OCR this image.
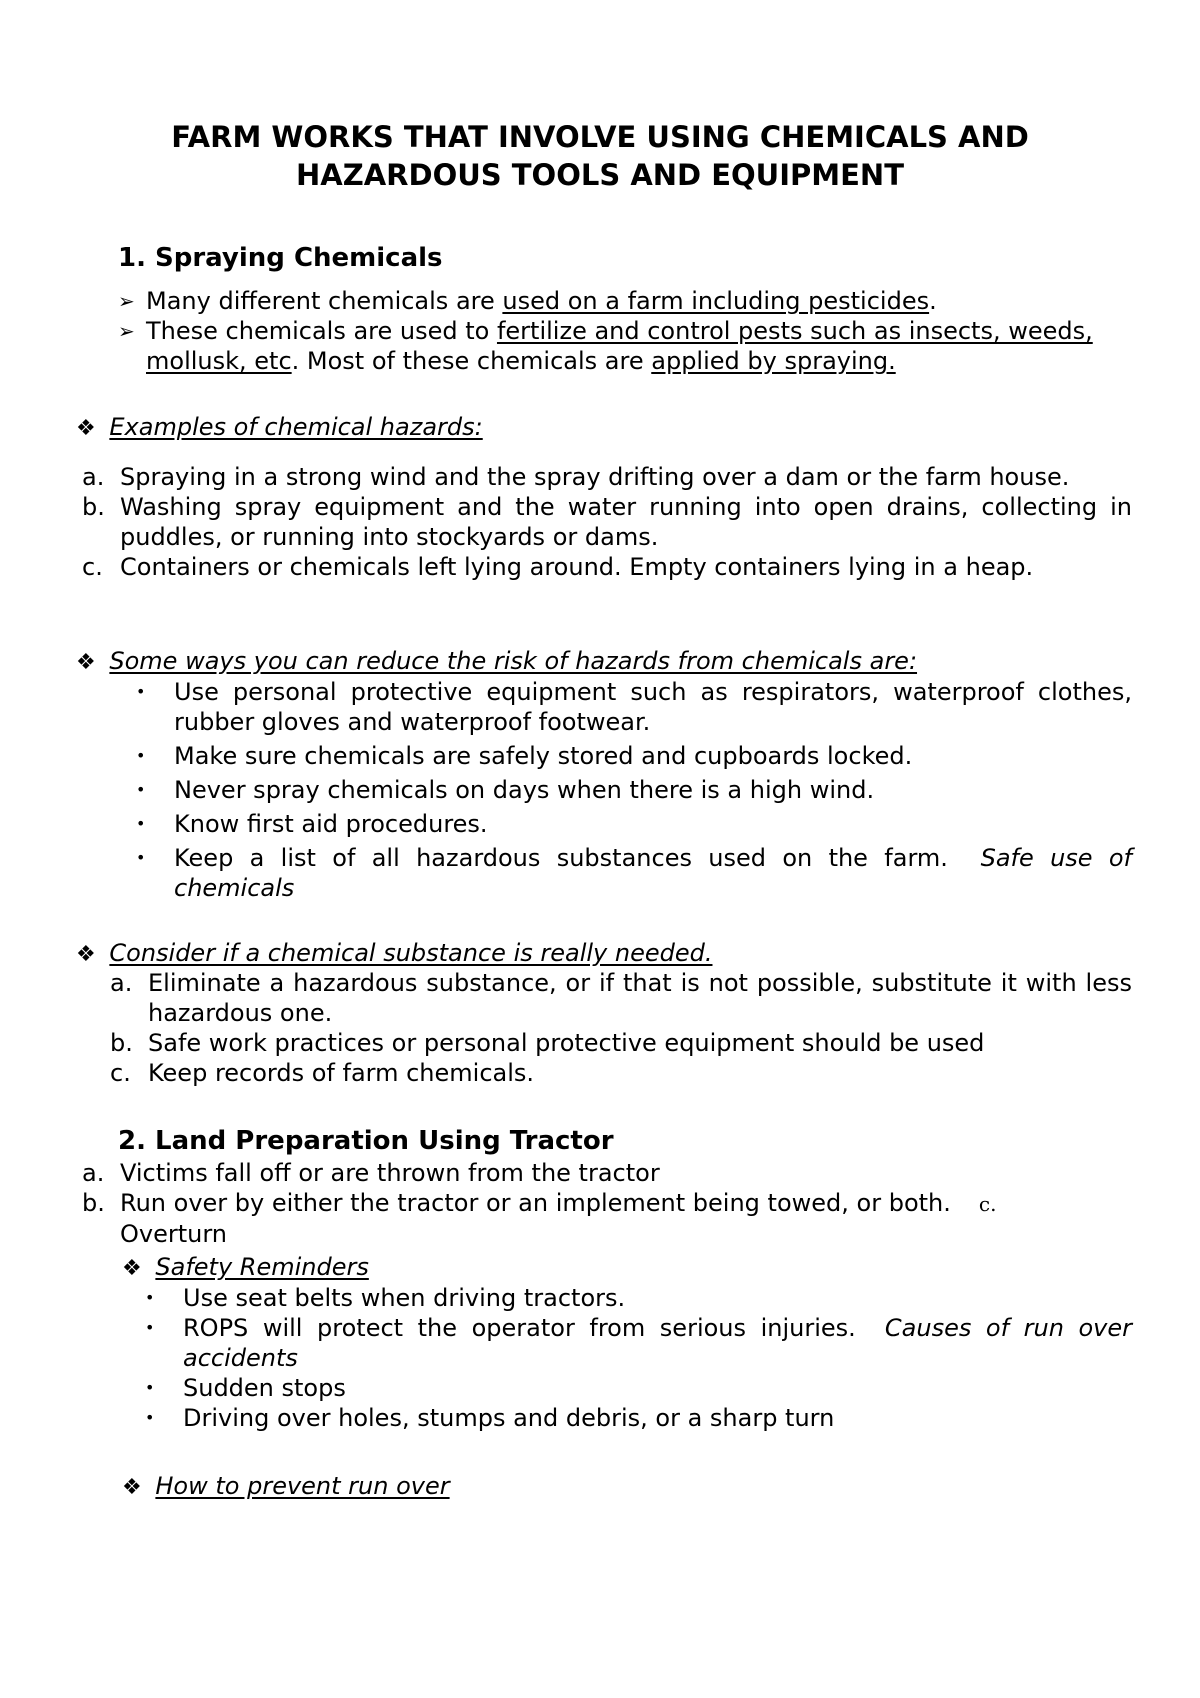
FARM WORKS THAT INVOLVE USING CHEMICALS AND
HAZARDOUS TOOLS AND EQUIPMENT
1. Spraying Chemicals
➢ Many different chemicals are used on a farm including pesticides.
➢ These chemicals are used to fertilize and control pests such as insects, weeds, mollusk, etc. Most of these chemicals are applied by spraying.
❖ Examples of chemical hazards:
a. Spraying in a strong wind and the spray drifting over a dam or the farm house.
b. Washing spray equipment and the water running into open drains, collecting in puddles, or running into stockyards or dams.
c. Containers or chemicals left lying around. Empty containers lying in a heap.
❖ Some ways you can reduce the risk of hazards from chemicals are:
• Use personal protective equipment such as respirators, waterproof clothes, rubber gloves and waterproof footwear.
• Make sure chemicals are safely stored and cupboards locked.
• Never spray chemicals on days when there is a high wind.
• Know first aid procedures.
• Keep a list of all hazardous substances used on the farm. Safe use of chemicals
❖ Consider if a chemical substance is really needed.
a. Eliminate a hazardous substance, or if that is not possible, substitute it with less hazardous one.
b. Safe work practices or personal protective equipment should be used
c. Keep records of farm chemicals.
2. Land Preparation Using Tractor
a. Victims fall off or are thrown from the tractor
b. Run over by either the tractor or an implement being towed, or both. c.
Overturn
❖ Safety Reminders
• Use seat belts when driving tractors.
• ROPS will protect the operator from serious injuries. Causes of run over accidents
• Sudden stops
• Driving over holes, stumps and debris, or a sharp turn
❖ How to prevent run over
